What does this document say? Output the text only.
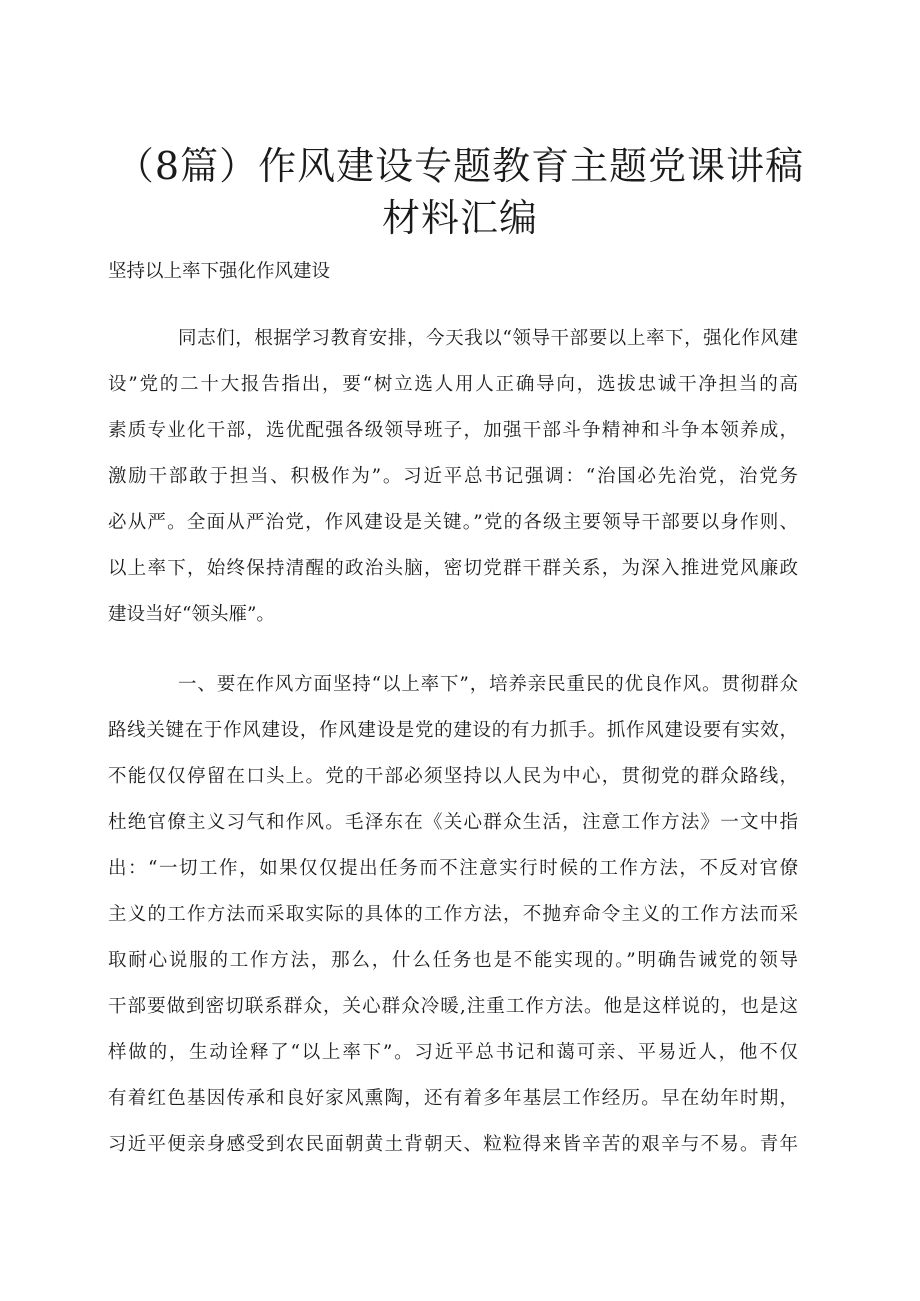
（8篇）作风建设专题教育主题党课讲稿
材料汇编
坚持以上率下强化作风建设
同志们，根据学习教育安排，今天我以“领导干部要以上率下，强化作风建
设”党的二十大报告指出，要“树立选人用人正确导向，选拔忠诚干净担当的高
素质专业化干部，选优配强各级领导班子，加强干部斗争精神和斗争本领养成，
激励干部敢于担当、积极作为”。习近平总书记强调：“治国必先治党，治党务
必从严。全面从严治党，作风建设是关键。”党的各级主要领导干部要以身作则、
以上率下，始终保持清醒的政治头脑，密切党群干群关系，为深入推进党风廉政
建设当好“领头雁”。
一、要在作风方面坚持“以上率下”，培养亲民重民的优良作风。贯彻群众
路线关键在于作风建设，作风建设是党的建设的有力抓手。抓作风建设要有实效，
不能仅仅停留在口头上。党的干部必须坚持以人民为中心，贯彻党的群众路线，
杜绝官僚主义习气和作风。毛泽东在《关心群众生活，注意工作方法》一文中指
出：“一切工作，如果仅仅提出任务而不注意实行时候的工作方法，不反对官僚
主义的工作方法而采取实际的具体的工作方法，不抛弃命令主义的工作方法而采
取耐心说服的工作方法，那么，什么任务也是不能实现的。”明确告诫党的领导
干部要做到密切联系群众，关心群众冷暖,注重工作方法。他是这样说的，也是这
样做的，生动诠释了“以上率下”。习近平总书记和蔼可亲、平易近人，他不仅
有着红色基因传承和良好家风熏陶，还有着多年基层工作经历。早在幼年时期，
习近平便亲身感受到农民面朝黄土背朝天、粒粒得来皆辛苦的艰辛与不易。青年
